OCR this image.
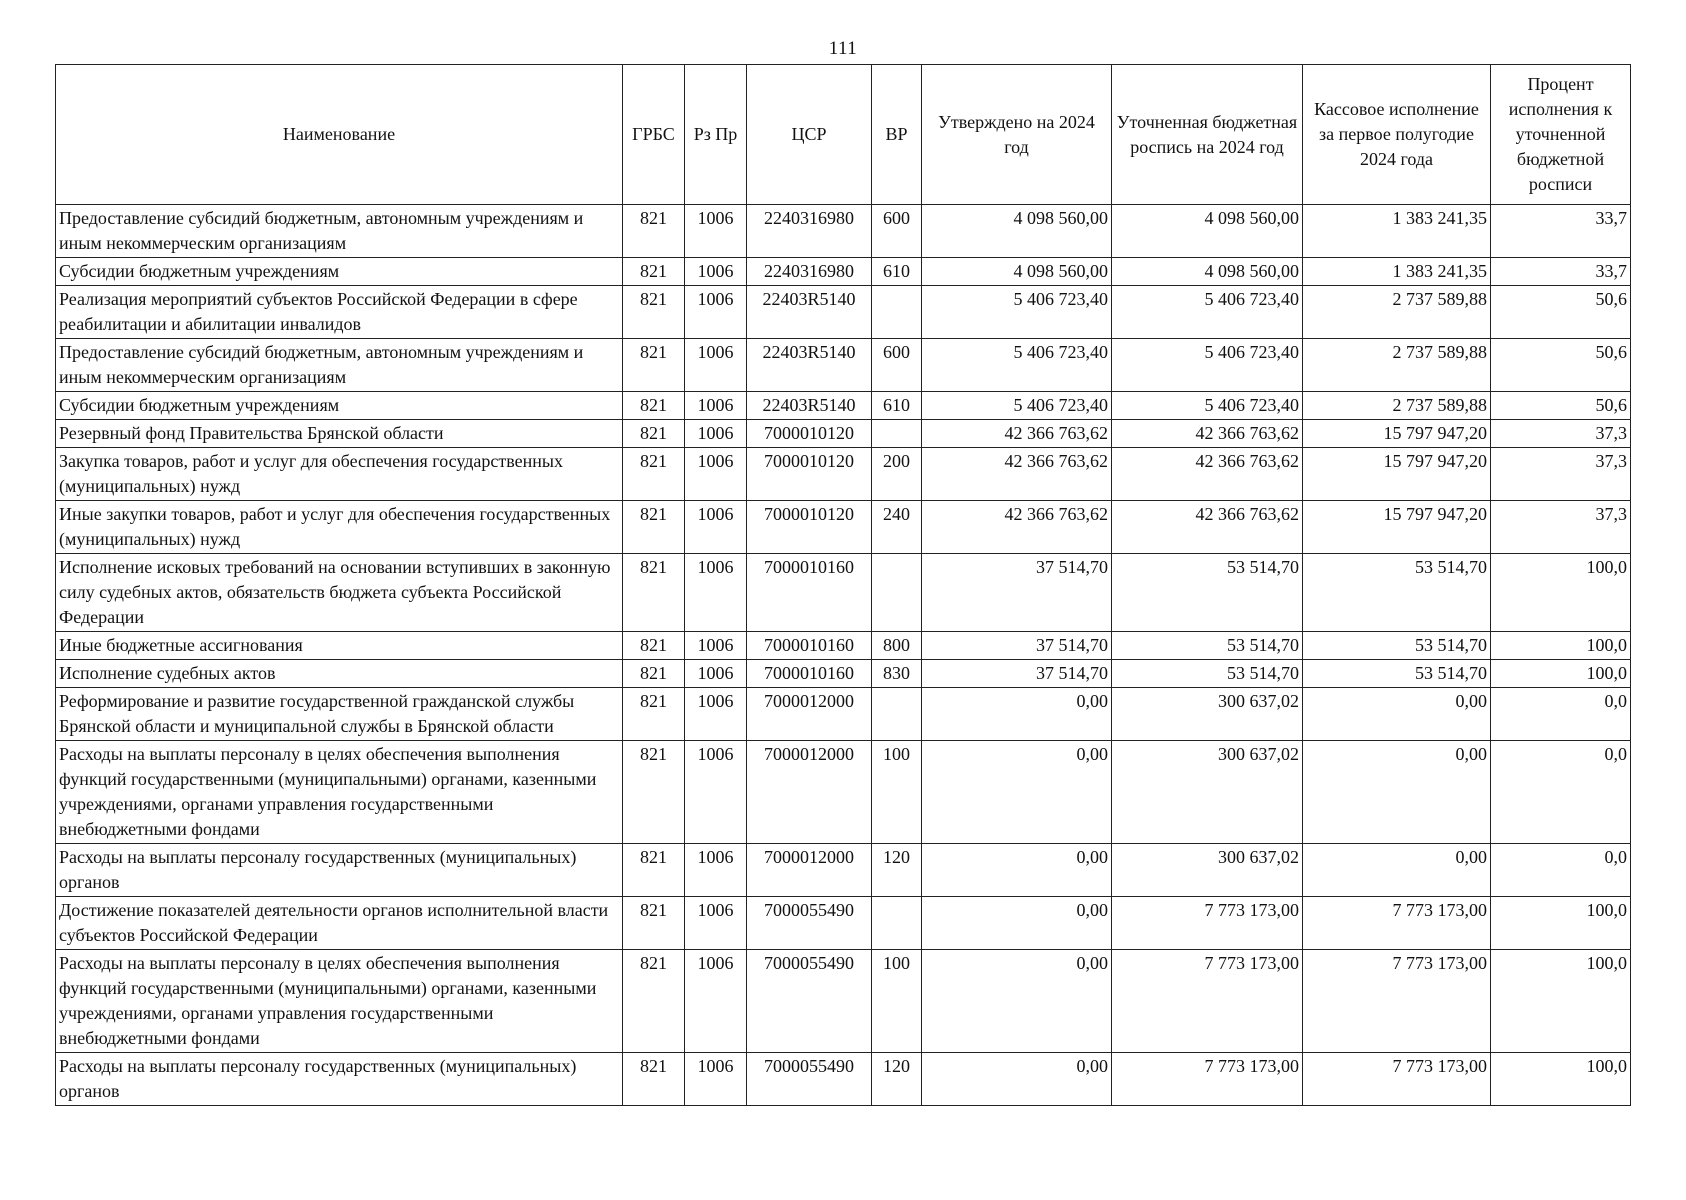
111
Наименование	ГРБС	Рз Пр	ЦСР	ВР	Утверждено на 2024 год	Уточненная бюджетная роспись на 2024 год	Кассовое исполнение за первое полугодие 2024 года	Процент исполнения к уточненной бюджетной росписи
Предоставление субсидий бюджетным, автономным учреждениям и иным некоммерческим организациям	821	1006	2240316980	600	4 098 560,00	4 098 560,00	1 383 241,35	33,7
Субсидии бюджетным учреждениям	821	1006	2240316980	610	4 098 560,00	4 098 560,00	1 383 241,35	33,7
Реализация мероприятий субъектов Российской Федерации в сфере реабилитации и абилитации инвалидов	821	1006	22403R5140		5 406 723,40	5 406 723,40	2 737 589,88	50,6
Предоставление субсидий бюджетным, автономным учреждениям и иным некоммерческим организациям	821	1006	22403R5140	600	5 406 723,40	5 406 723,40	2 737 589,88	50,6
Субсидии бюджетным учреждениям	821	1006	22403R5140	610	5 406 723,40	5 406 723,40	2 737 589,88	50,6
Резервный фонд Правительства Брянской области	821	1006	7000010120		42 366 763,62	42 366 763,62	15 797 947,20	37,3
Закупка товаров, работ и услуг для обеспечения государственных (муниципальных) нужд	821	1006	7000010120	200	42 366 763,62	42 366 763,62	15 797 947,20	37,3
Иные закупки товаров, работ и услуг для обеспечения государственных (муниципальных) нужд	821	1006	7000010120	240	42 366 763,62	42 366 763,62	15 797 947,20	37,3
Исполнение исковых требований на основании вступивших в законную силу судебных актов, обязательств бюджета субъекта Российской Федерации	821	1006	7000010160		37 514,70	53 514,70	53 514,70	100,0
Иные бюджетные ассигнования	821	1006	7000010160	800	37 514,70	53 514,70	53 514,70	100,0
Исполнение судебных актов	821	1006	7000010160	830	37 514,70	53 514,70	53 514,70	100,0
Реформирование и развитие государственной гражданской службы Брянской области и муниципальной службы в Брянской области	821	1006	7000012000		0,00	300 637,02	0,00	0,0
Расходы на выплаты персоналу в целях обеспечения выполнения функций государственными (муниципальными) органами, казенными учреждениями, органами управления государственными внебюджетными фондами	821	1006	7000012000	100	0,00	300 637,02	0,00	0,0
Расходы на выплаты персоналу государственных (муниципальных) органов	821	1006	7000012000	120	0,00	300 637,02	0,00	0,0
Достижение показателей деятельности органов исполнительной власти субъектов Российской Федерации	821	1006	7000055490		0,00	7 773 173,00	7 773 173,00	100,0
Расходы на выплаты персоналу в целях обеспечения выполнения функций государственными (муниципальными) органами, казенными учреждениями, органами управления государственными внебюджетными фондами	821	1006	7000055490	100	0,00	7 773 173,00	7 773 173,00	100,0
Расходы на выплаты персоналу государственных (муниципальных) органов	821	1006	7000055490	120	0,00	7 773 173,00	7 773 173,00	100,0
